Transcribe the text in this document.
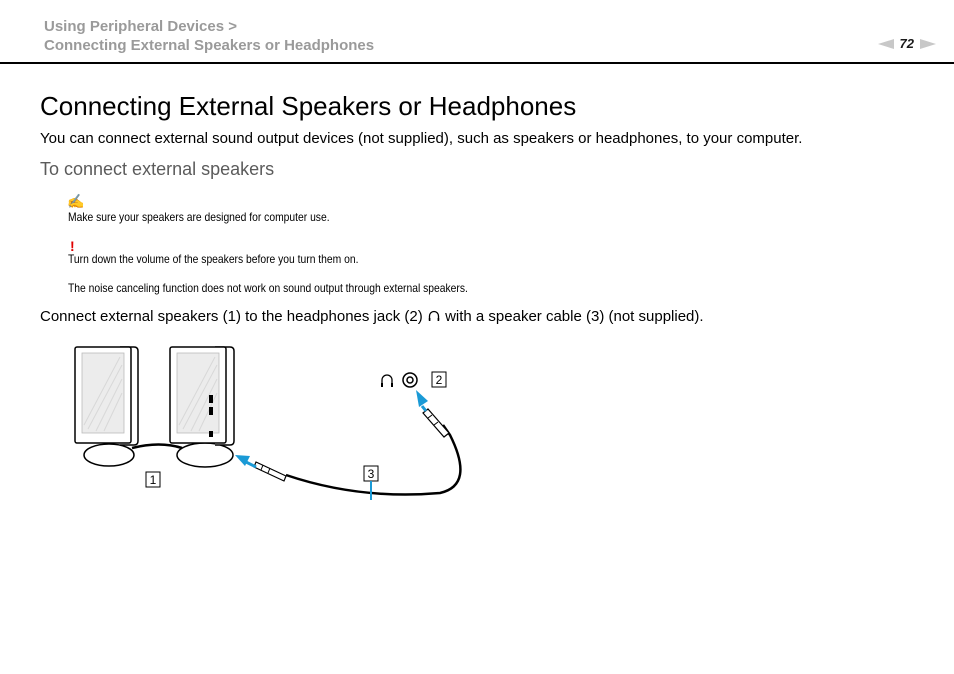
Using Peripheral Devices >
Connecting External Speakers or Headphones	72
Connecting External Speakers or Headphones
You can connect external sound output devices (not supplied), such as speakers or headphones, to your computer.
To connect external speakers
✍
Make sure your speakers are designed for computer use.
!
Turn down the volume of the speakers before you turn them on.
The noise canceling function does not work on sound output through external speakers.
Connect external speakers (1) to the headphones jack (2) with a speaker cable (3) (not supplied).
2
3
1
